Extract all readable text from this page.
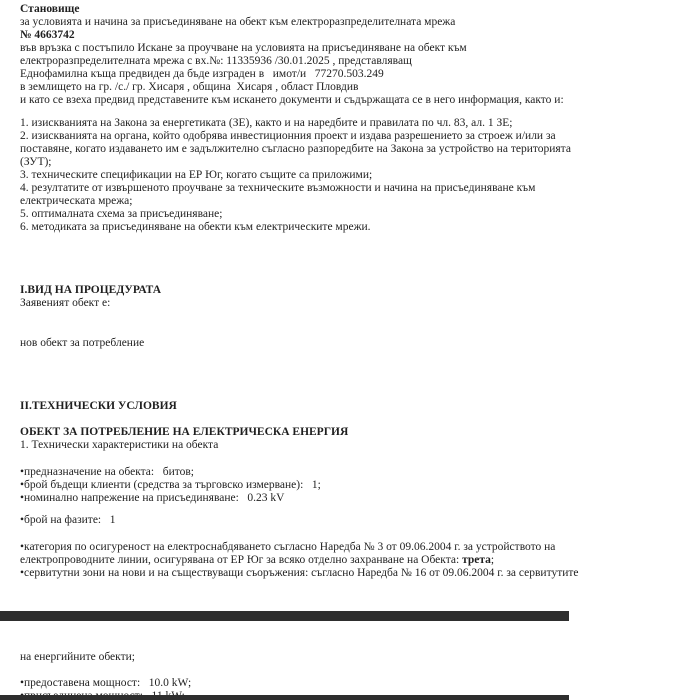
Становище
за условията и начина за присъединяване на обект към електроразпределителната мрежа
№ 4663742
във връзка с постъпило Искане за проучване на условията на присъединяване на обект към
електроразпределителната мрежа с вх.№: 11335936 /30.01.2025 , представляващ
Еднофамилна къща предвиден да бъде изграден в   имот/и   77270.503.249
в землището на гр. /с./ гр. Хисаря , община  Хисаря , област Пловдив
и като се взеха предвид представените към искането документи и съдържащата се в него информация, както и:
1. изискванията на Закона за енергетиката (ЗЕ), както и на наредбите и правилата по чл. 83, ал. 1 ЗЕ;
2. изискванията на органа, който одобрява инвестиционния проект и издава разрешението за строеж и/или за
поставяне, когато издаването им е задължително съгласно разпоредбите на Закона за устройство на територията
(ЗУТ);
3. техническите спецификации на ЕР Юг, когато същите са приложими;
4. резултатите от извършеното проучване за техническите възможности и начина на присъединяване към
електрическата мрежа;
5. оптималната схема за присъединяване;
6. методиката за присъединяване на обекти към електрическите мрежи.
I.ВИД НА ПРОЦЕДУРАТА
Заявеният обект е:
нов обект за потребление
II.ТЕХНИЧЕСКИ УСЛОВИЯ
ОБЕКТ ЗА ПОТРЕБЛЕНИЕ НА ЕЛЕКТРИЧЕСКА ЕНЕРГИЯ
1. Технически характеристики на обекта
•предназначение на обекта:   битов;
•брой бъдещи клиенти (средства за търговско измерване):   1;
•номинално напрежение на присъединяване:   0.23 kV
•брой на фазите:   1
•категория по осигуреност на електроснабдяването съгласно Наредба № 3 от 09.06.2004 г. за устройството на
електропроводните линии, осигурявана от ЕР Юг за всяко отделно захранване на Обекта: трета;
•сервитутни зони на нови и на съществуващи съоръжения: съгласно Наредба № 16 от 09.06.2004 г. за сервитутите
на енергийните обекти;
•предоставена мощност:   10.0 kW;
